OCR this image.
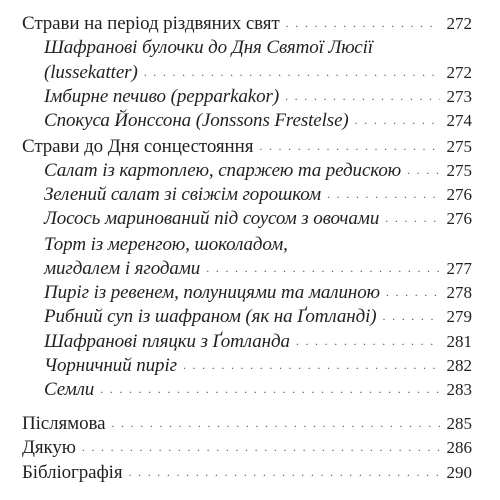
Страви на період різдвяних свят . . .	272
Шафранові булочки до Дня Святої Люсії
(lussekatter) . . .	272
Імбирне печиво (pepparkakor) . . .	273
Спокуса Йонссона (Jonssons Frestelse) . . .	274
Страви до Дня сонцестояння . . .	275
Салат із картоплею, спаржею та редискою . . .	275
Зелений салат зі свіжім горошком . . .	276
Лосось маринований під соусом з овочами . . .	276
Торт із меренгою, шоколадом,
мигдалем і ягодами . . .	277
Пиріг із ревенем, полуницями та малиною . . .	278
Рибний суп із шафраном (як на Ґотланді) . . .	279
Шафранові пляцки з Ґотланда . . .	281
Чорничний пиріг . . .	282
Семли . . .	283
Післямова . . .	285
Дякую . . .	286
Бібліографія . . .	290
